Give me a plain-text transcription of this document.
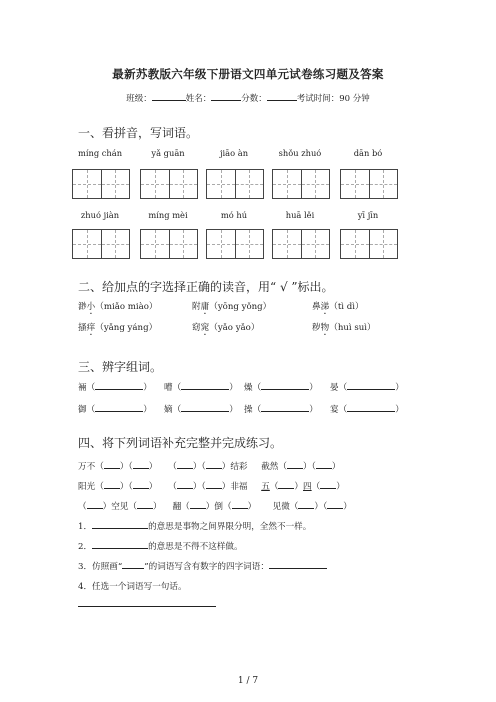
最新苏教版六年级下册语文四单元试卷练习题及答案
班级：	姓名：	分数：	考试时间：90 分钟
一、看拼音，写词语。
míng chán	yǎ guān	jiāo àn	shǒu zhuó	dān bó
zhuó jiàn	míng mèi	mó hú	huā lěi	yī jīn
二、给加点的字选择正确的读音，用“ √ ”标出。
渺小（miǎo miào）	附庸（yōng yǒng）	鼻涕（tì dì）
搔痒（yǎng yáng）	窈窕（yǎo yǎo）	秽物（huì suì）
三、辨字组词。
裲（	） 嘈（	） 燥（	） 晏（	）
御（	） 嫡（	） 操（	） 宴（	）
四、将下列词语补充完整并完成练习。
万不（ ）（ ）    （ ）（ ）结彩 截然（ ）（ ）
阳光（ ）（ ）    （ ）（ ）非福 五（ ）四（ ）
（ ）空见（ ）    翻（ ）倒（ ）      见微（ ）（ ）
1．	的意思是事物之间界限分明，全然不一样。
2．	的意思是不得不这样做。
3．仿照画“	”的词语写含有数字的四字词语：
4．任选一个词语写一句话。
1 / 7
